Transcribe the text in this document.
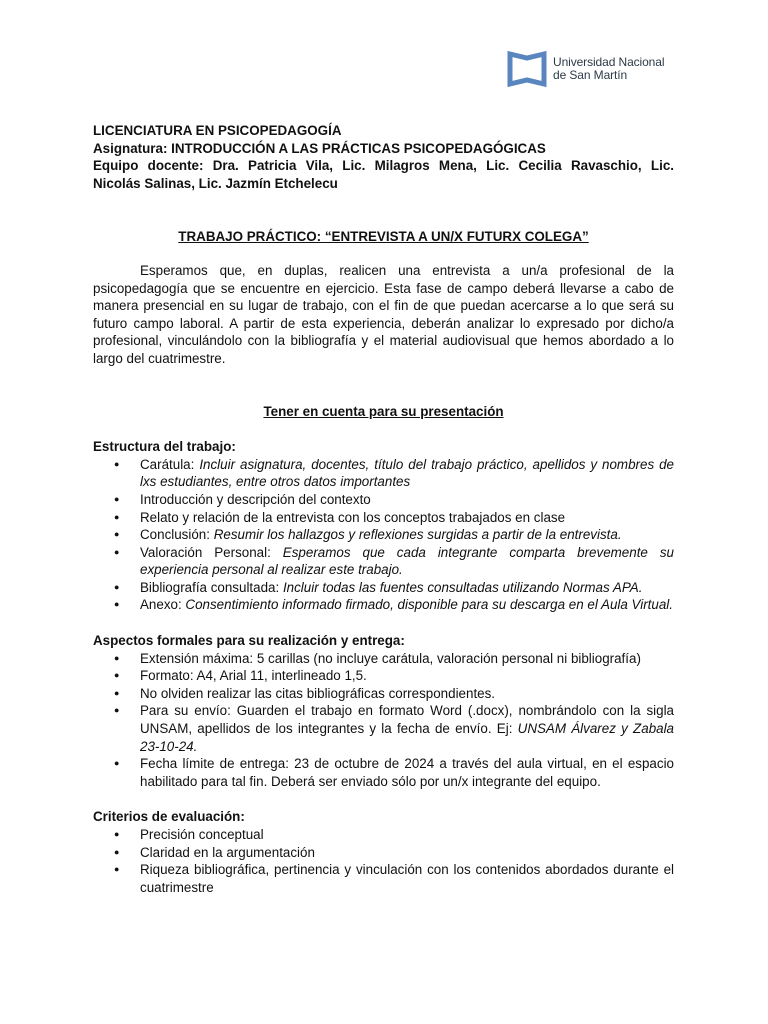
Universidad Nacional
de San Martín
LICENCIATURA EN PSICOPEDAGOGÍA
Asignatura: INTRODUCCIÓN A LAS PRÁCTICAS PSICOPEDAGÓGICAS
Equipo docente: Dra. Patricia Vila, Lic. Milagros Mena, Lic. Cecilia Ravaschio, Lic.
Nicolás Salinas, Lic. Jazmín Etchelecu
TRABAJO PRÁCTICO: “ENTREVISTA A UN/X FUTURX COLEGA”

Esperamos que, en duplas, realicen una entrevista a un/a profesional de la psicopedagogía que se encuentre en ejercicio. Esta fase de campo deberá llevarse a cabo de manera presencial en su lugar de trabajo, con el fin de que puedan acercarse a lo que será su futuro campo laboral. A partir de esta experiencia, deberán analizar lo expresado por dicho/a profesional, vinculándolo con la bibliografía y el material audiovisual que hemos abordado a lo largo del cuatrimestre.

Tener en cuenta para su presentación
Estructura del trabajo:
● Carátula: Incluir asignatura, docentes, título del trabajo práctico, apellidos y nombres de lxs estudiantes, entre otros datos importantes
● Introducción y descripción del contexto
● Relato y relación de la entrevista con los conceptos trabajados en clase
● Conclusión: Resumir los hallazgos y reflexiones surgidas a partir de la entrevista.
● Valoración Personal: Esperamos que cada integrante comparta brevemente su experiencia personal al realizar este trabajo.
● Bibliografía consultada: Incluir todas las fuentes consultadas utilizando Normas APA.
● Anexo: Consentimiento informado firmado, disponible para su descarga en el Aula Virtual.
Aspectos formales para su realización y entrega:
● Extensión máxima: 5 carillas (no incluye carátula, valoración personal ni bibliografía)
● Formato: A4, Arial 11, interlineado 1,5.
● No olviden realizar las citas bibliográficas correspondientes.
● Para su envío: Guarden el trabajo en formato Word (.docx), nombrándolo con la sigla UNSAM, apellidos de los integrantes y la fecha de envío. Ej: UNSAM Álvarez y Zabala 23-10-24.
● Fecha límite de entrega: 23 de octubre de 2024 a través del aula virtual, en el espacio habilitado para tal fin. Deberá ser enviado sólo por un/x integrante del equipo.
Criterios de evaluación:
● Precisión conceptual
● Claridad en la argumentación
● Riqueza bibliográfica, pertinencia y vinculación con los contenidos abordados durante el cuatrimestre
